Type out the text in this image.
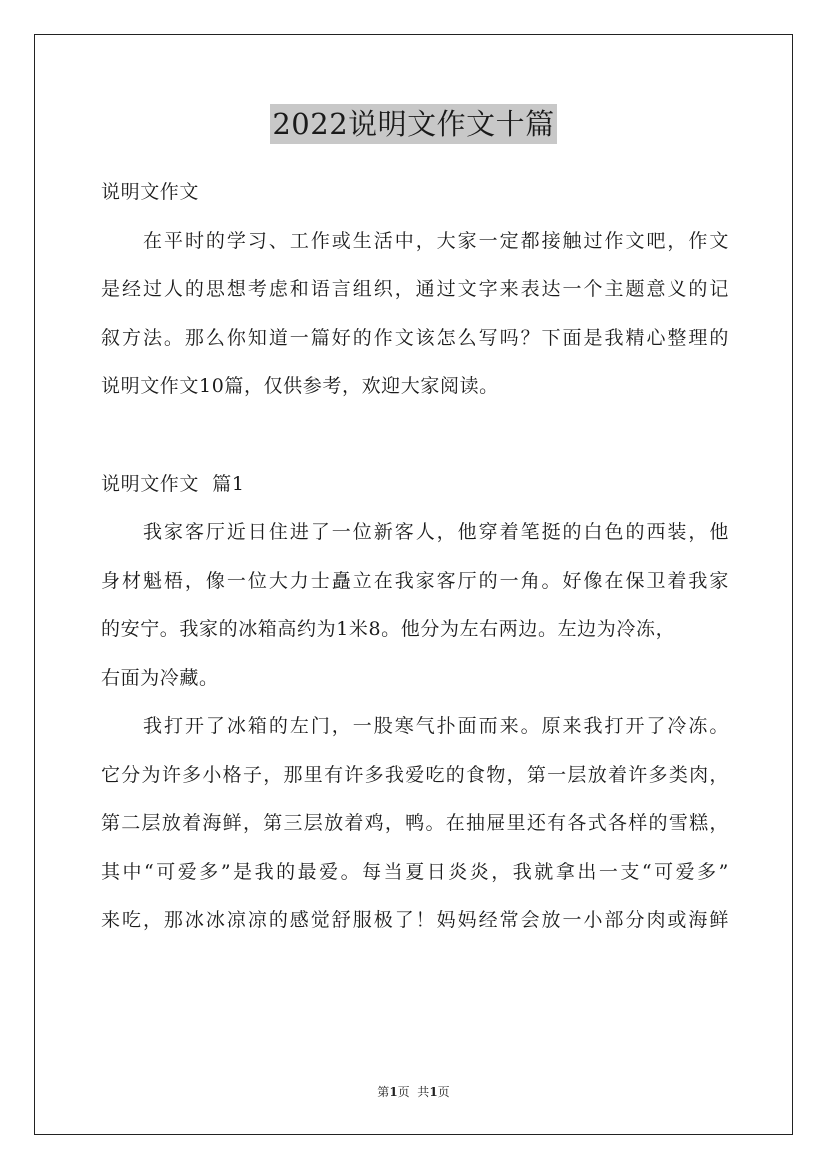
2022说明文作文十篇
说明文作文
在平时的学习、工作或生活中，大家一定都接触过作文吧，作文
是经过人的思想考虑和语言组织，通过文字来表达一个主题意义的记
叙方法。那么你知道一篇好的作文该怎么写吗？下面是我精心整理的
说明文作文10篇，仅供参考，欢迎大家阅读。
说明文作文  篇1
我家客厅近日住进了一位新客人，他穿着笔挺的白色的西装，他
身材魁梧，像一位大力士矗立在我家客厅的一角。好像在保卫着我家
的安宁。我家的冰箱高约为1米8。他分为左右两边。左边为冷冻，
右面为冷藏。
我打开了冰箱的左门，一股寒气扑面而来。原来我打开了冷冻。
它分为许多小格子，那里有许多我爱吃的食物，第一层放着许多类肉，
第二层放着海鲜，第三层放着鸡，鸭。在抽屉里还有各式各样的雪糕，
其中“可爱多”是我的最爱。每当夏日炎炎，我就拿出一支“可爱多”
来吃，那冰冰凉凉的感觉舒服极了！妈妈经常会放一小部分肉或海鲜
第1页  共1页
